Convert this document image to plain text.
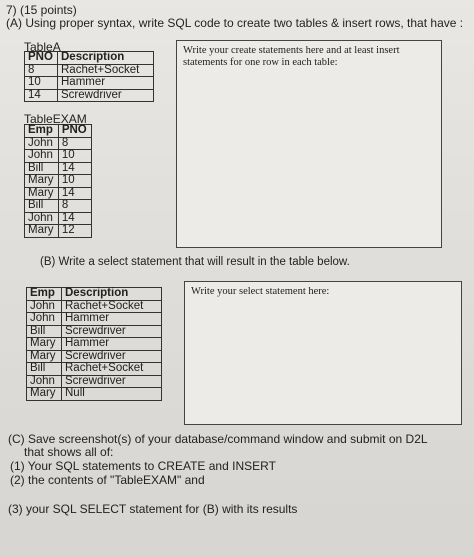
7) (15 points)
(A) Using proper syntax, write SQL code to create two tables & insert rows, that have :
TableA
PNO	Description
8	Rachet+Socket
10	Hammer
14	Screwdriver
Write your create statements here and at least insert statements for one row in each table:
TableEXAM
Emp	PNO
John	8
John	10
Bill	14
Mary	10
Mary	14
Bill	8
John	14
Mary	12
(B) Write a select statement that will result in the table below.
Emp	Description
John	Rachet+Socket
John	Hammer
Bill	Screwdriver
Mary	Hammer
Mary	Screwdriver
Bill	Rachet+Socket
John	Screwdriver
Mary	Null
Write your select statement here:
(C) Save screenshot(s) of your database/command window and submit on D2L
that shows all of:
(1) Your SQL statements to CREATE and INSERT
(2) the contents of "TableEXAM" and
(3) your SQL SELECT statement for (B) with its results
